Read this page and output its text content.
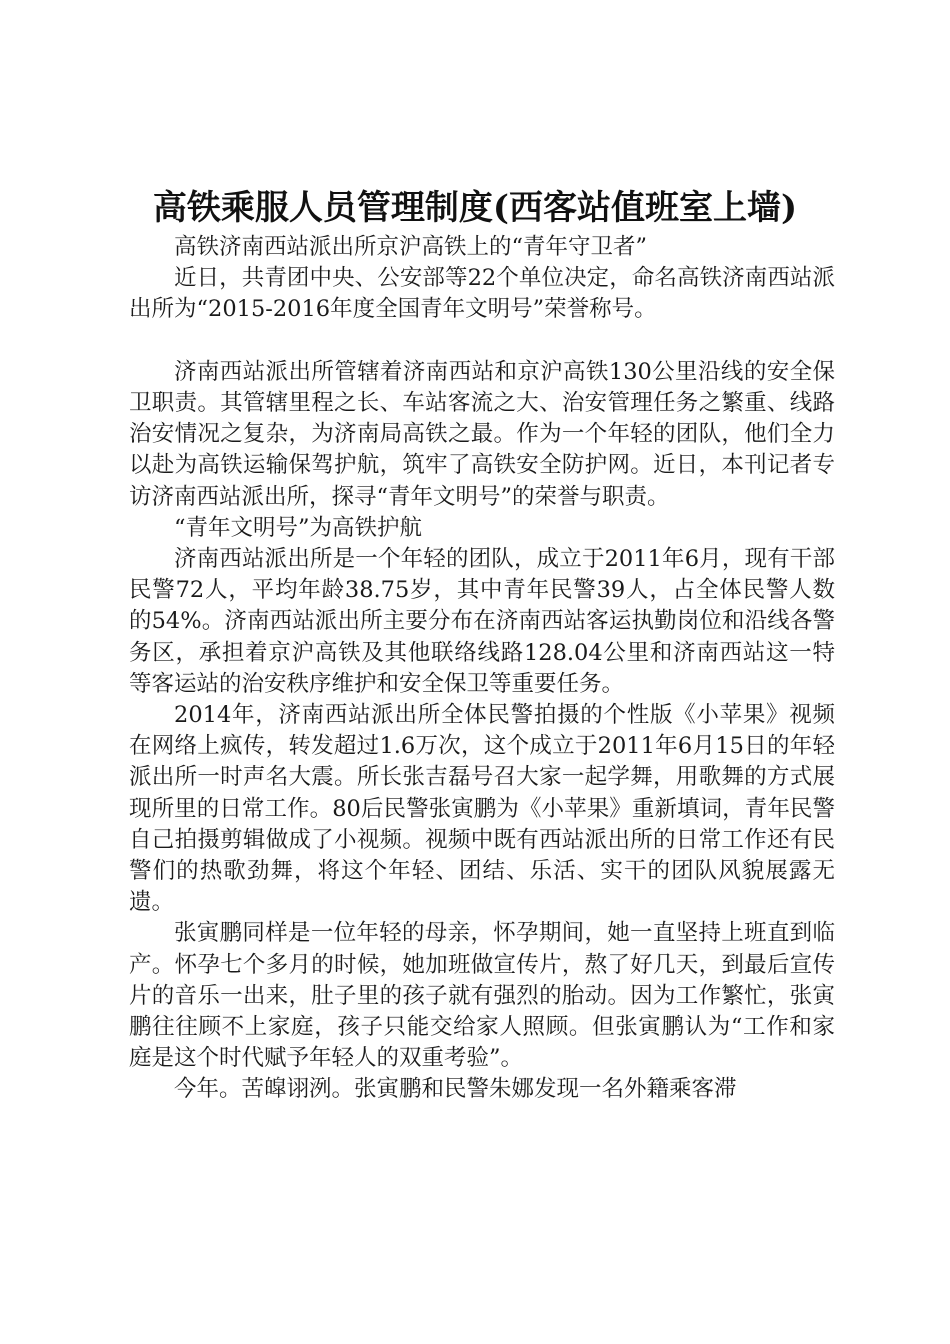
高铁乘服人员管理制度(西客站值班室上墙)

高铁济南西站派出所京沪高铁上的“青年守卫者”

近日，共青团中央、公安部等22个单位决定，命名高铁济南西站派出所为“2015-2016年度全国青年文明号”荣誉称号。

济南西站派出所管辖着济南西站和京沪高铁130公里沿线的安全保卫职责。其管辖里程之长、车站客流之大、治安管理任务之繁重、线路治安情况之复杂，为济南局高铁之最。作为一个年轻的团队，他们全力以赴为高铁运输保驾护航，筑牢了高铁安全防护网。近日，本刊记者专访济南西站派出所，探寻“青年文明号”的荣誉与职责。

“青年文明号”为高铁护航

济南西站派出所是一个年轻的团队，成立于2011年6月，现有干部民警72人，平均年龄38.75岁，其中青年民警39人，占全体民警人数的54%。济南西站派出所主要分布在济南西站客运执勤岗位和沿线各警务区，承担着京沪高铁及其他联络线路128.04公里和济南西站这一特等客运站的治安秩序维护和安全保卫等重要任务。

2014年，济南西站派出所全体民警拍摄的个性版《小苹果》视频在网络上疯传，转发超过1.6万次，这个成立于2011年6月15日的年轻派出所一时声名大震。所长张吉磊号召大家一起学舞，用歌舞的方式展现所里的日常工作。80后民警张寅鹏为《小苹果》重新填词，青年民警自己拍摄剪辑做成了小视频。视频中既有西站派出所的日常工作还有民警们的热歌劲舞，将这个年轻、团结、乐活、实干的团队风貌展露无遗。

张寅鹏同样是一位年轻的母亲，怀孕期间，她一直坚持上班直到临产。怀孕七个多月的时候，她加班做宣传片，熬了好几天，到最后宣传片的音乐一出来，肚子里的孩子就有强烈的胎动。因为工作繁忙，张寅鹏往往顾不上家庭，孩子只能交给家人照顾。但张寅鹏认为“工作和家庭是这个时代赋予年轻人的双重考验”。

今年。苦皡诩洌。张寅鹏和民警朱娜发现一名外籍乘客滞
